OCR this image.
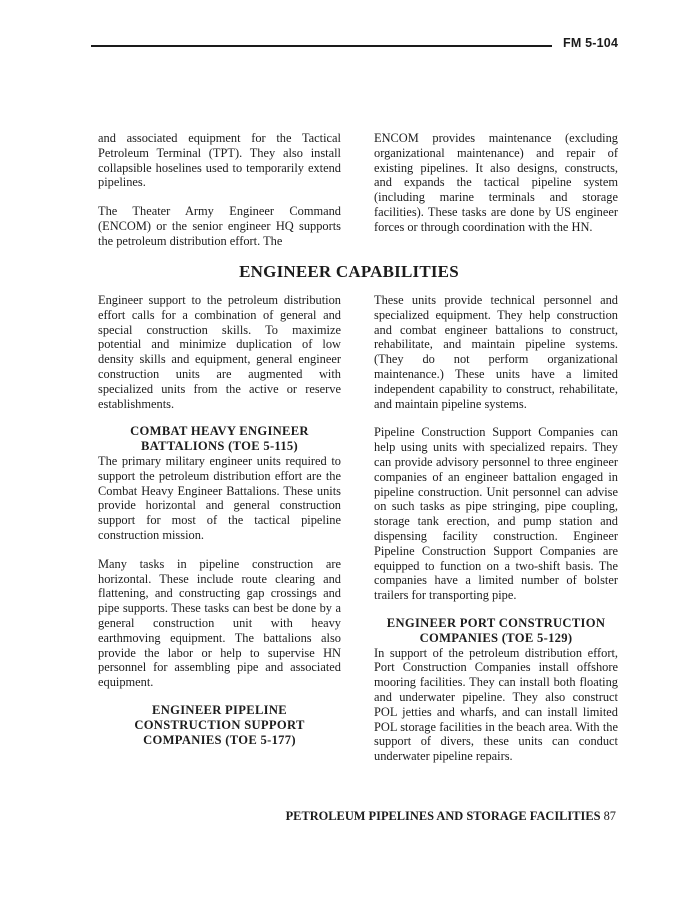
FM 5-104

and associated equipment for the Tactical Petroleum Terminal (TPT). They also install collapsible hoselines used to temporarily extend pipelines.

The Theater Army Engineer Command (ENCOM) or the senior engineer HQ supports the petroleum distribution effort. The

ENCOM provides maintenance (excluding organizational maintenance) and repair of existing pipelines. It also designs, constructs, and expands the tactical pipeline system (including marine terminals and storage facilities). These tasks are done by US engineer forces or through coordination with the HN.

ENGINEER CAPABILITIES

Engineer support to the petroleum distribution effort calls for a combination of general and special construction skills. To maximize potential and minimize duplication of low density skills and equipment, general engineer construction units are augmented with specialized units from the active or reserve establishments.

COMBAT HEAVY ENGINEER
BATTALIONS (TOE 5-115)

The primary military engineer units required to support the petroleum distribution effort are the Combat Heavy Engineer Battalions. These units provide horizontal and general construction support for most of the tactical pipeline construction mission.

Many tasks in pipeline construction are horizontal. These include route clearing and flattening, and constructing gap crossings and pipe supports. These tasks can best be done by a general construction unit with heavy earthmoving equipment. The battalions also provide the labor or help to supervise HN personnel for assembling pipe and associated equipment.

ENGINEER PIPELINE
CONSTRUCTION SUPPORT
COMPANIES (TOE 5-177)

These units provide technical personnel and specialized equipment. They help construction and combat engineer battalions to construct, rehabilitate, and maintain pipeline systems. (They do not perform organizational maintenance.) These units have a limited independent capability to construct, rehabilitate, and maintain pipeline systems.

Pipeline Construction Support Companies can help using units with specialized repairs. They can provide advisory personnel to three engineer companies of an engineer battalion engaged in pipeline construction. Unit personnel can advise on such tasks as pipe stringing, pipe coupling, storage tank erection, and pump station and dispensing facility construction. Engineer Pipeline Construction Support Companies are equipped to function on a two-shift basis. The companies have a limited number of bolster trailers for transporting pipe.

ENGINEER PORT CONSTRUCTION
COMPANIES (TOE 5-129)

In support of the petroleum distribution effort, Port Construction Companies install offshore mooring facilities. They can install both floating and underwater pipeline. They also construct POL jetties and wharfs, and can install limited POL storage facilities in the beach area. With the support of divers, these units can conduct underwater pipeline repairs.

PETROLEUM PIPELINES AND STORAGE FACILITIES 87
